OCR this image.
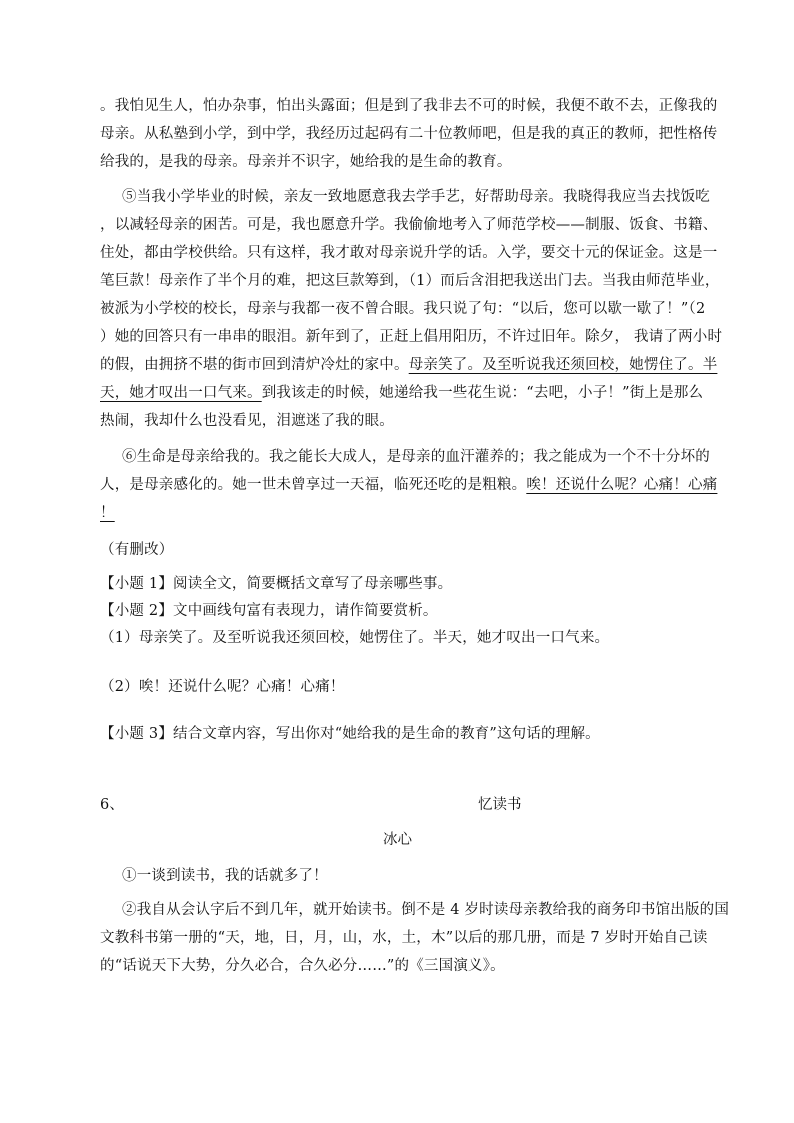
。我怕见生人，怕办杂事，怕出头露面；但是到了我非去不可的时候，我便不敢不去，正像我的
母亲。从私塾到小学，到中学，我经历过起码有二十位教师吧，但是我的真正的教师，把性格传
给我的，是我的母亲。母亲并不识字，她给我的是生命的教育。
⑤当我小学毕业的时候，亲友一致地愿意我去学手艺，好帮助母亲。我晓得我应当去找饭吃
，以减轻母亲的困苦。可是，我也愿意升学。我偷偷地考入了师范学校——制服、饭食、书籍、
住处，都由学校供给。只有这样，我才敢对母亲说升学的话。入学，要交十元的保证金。这是一
笔巨款！母亲作了半个月的难，把这巨款筹到，（1）而后含泪把我送出门去。当我由师范毕业，
被派为小学校的校长，母亲与我都一夜不曾合眼。我只说了句：“以后，您可以歇一歇了！”（2
）她的回答只有一串串的眼泪。新年到了，正赶上倡用阳历，不许过旧年。除夕， 我请了两小时
的假，由拥挤不堪的街市回到清炉冷灶的家中。母亲笑了。及至听说我还须回校，她愣住了。半
天，她才叹出一口气来。到我该走的时候，她递给我一些花生说：“去吧，小子！”街上是那么
热闹，我却什么也没看见，泪遮迷了我的眼。
⑥生命是母亲给我的。我之能长大成人，是母亲的血汗灌养的；我之能成为一个不十分坏的
人，是母亲感化的。她一世未曾享过一天福，临死还吃的是粗粮。唉！还说什么呢？心痛！心痛
！
（有删改）
【小题 1】阅读全文，简要概括文章写了母亲哪些事。
【小题 2】文中画线句富有表现力，请作简要赏析。
（1）母亲笑了。及至听说我还须回校，她愣住了。半天，她才叹出一口气来。
（2）唉！还说什么呢？心痛！心痛！
【小题 3】结合文章内容，写出你对“她给我的是生命的教育”这句话的理解。
6、	忆读书
冰心
①一谈到读书，我的话就多了！
②我自从会认字后不到几年，就开始读书。倒不是 4 岁时读母亲教给我的商务印书馆出版的国
文教科书第一册的“天，地，日，月，山，水，土，木”以后的那几册，而是 7 岁时开始自己读
的“话说天下大势，分久必合，合久必分……”的《三国演义》。
